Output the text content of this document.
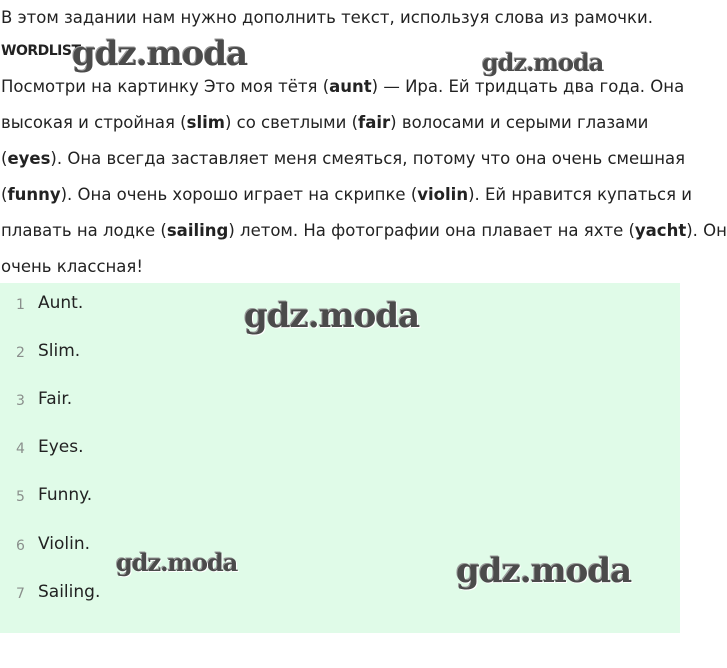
В этом задании нам нужно дополнить текст, используя слова из рамочки.
WORDLIST
Посмотри на картинку Это моя тётя (aunt) — Ира. Ей тридцать два года. Она
высокая и стройная (slim) со светлыми (fair) волосами и серыми глазами
(eyes). Она всегда заставляет меня смеяться, потому что она очень смешная
(funny). Она очень хорошо играет на скрипке (violin). Ей нравится купаться и
плавать на лодке (sailing) летом. На фотографии она плавает на яхте (yacht). Он
очень классная!
1 Aunt.
2 Slim.
3 Fair.
4 Eyes.
5 Funny.
6 Violin.
7 Sailing.
gdz.moda	gdz.moda
gdz.moda
gdz.moda	gdz.moda
